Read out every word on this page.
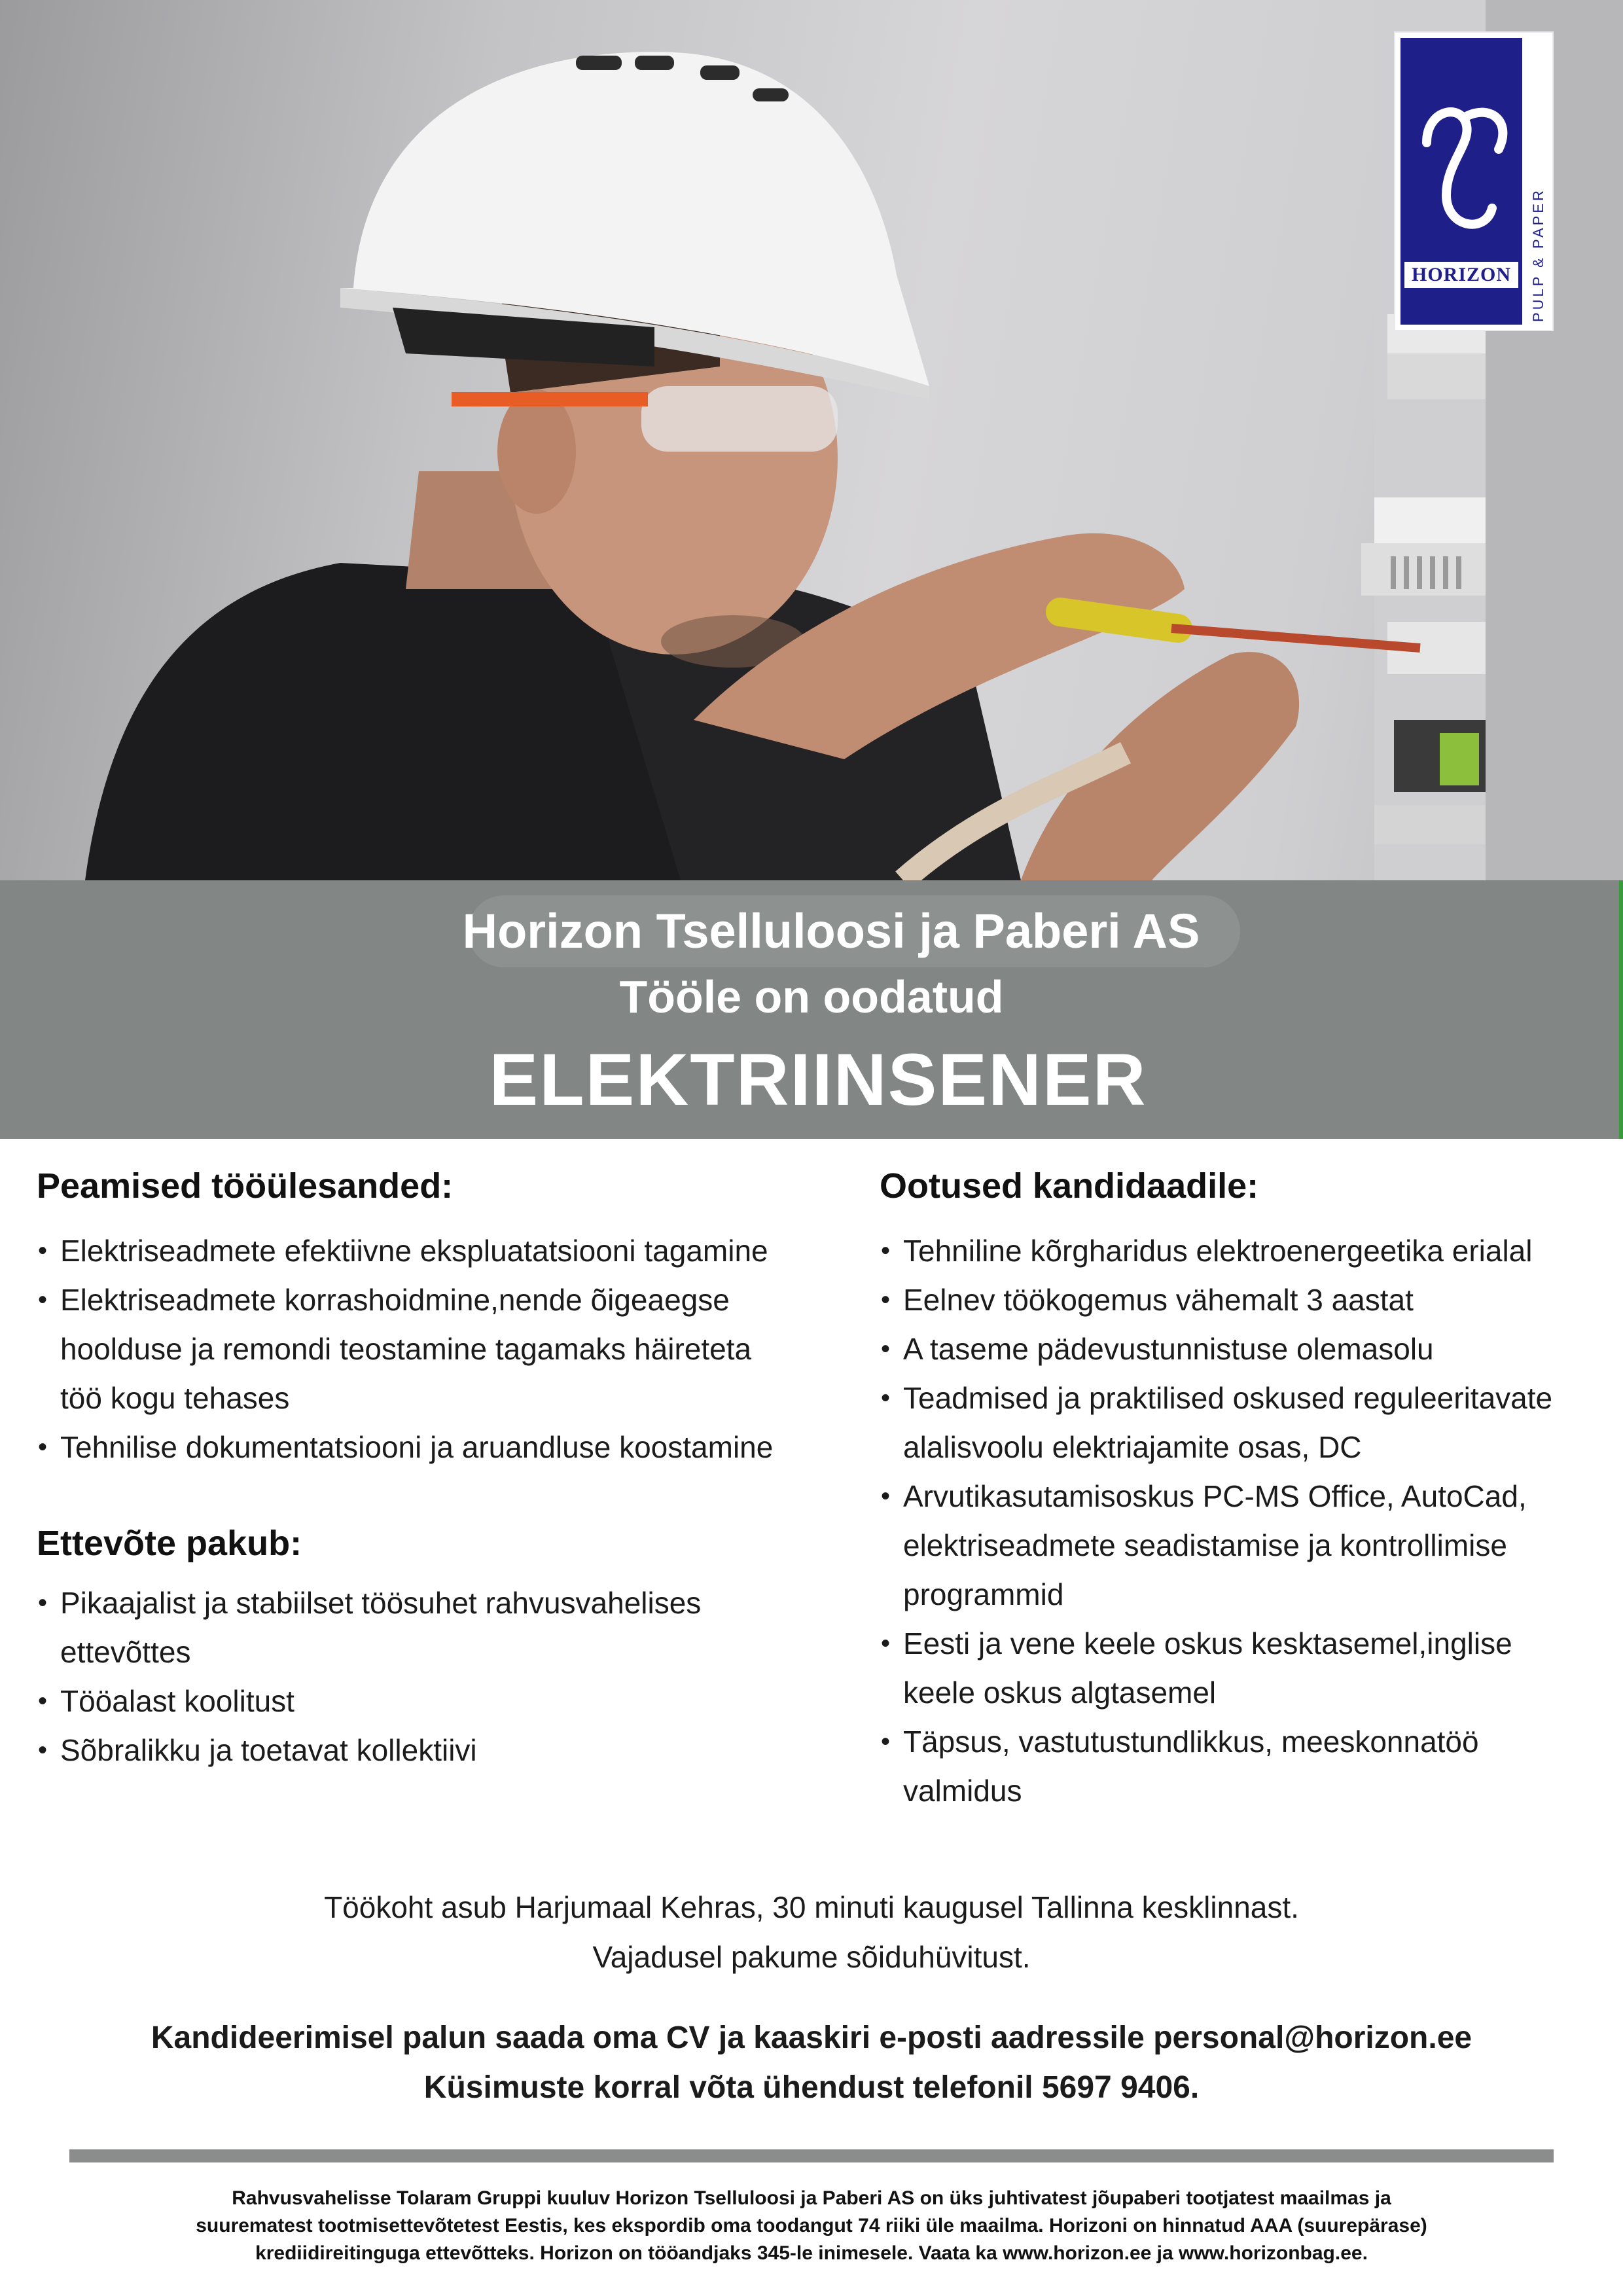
HORIZON	PULP & PAPER
Horizon Tselluloosi ja Paberi AS
Tööle on oodatud
ELEKTRIINSENER
Peamised tööülesanded:
• Elektriseadmete efektiivne ekspluatatsiooni tagamine
• Elektriseadmete korrashoidmine,nende õigeaegse hoolduse ja remondi teostamine tagamaks häireteta töö kogu tehases
• Tehnilise dokumentatsiooni ja aruandluse koostamine
Ettevõte pakub:
• Pikaajalist ja stabiilset töösuhet rahvusvahelises ettevõttes
• Tööalast koolitust
• Sõbralikku ja toetavat kollektiivi
Ootused kandidaadile:
• Tehniline kõrgharidus elektroenergeetika erialal
• Eelnev töökogemus vähemalt 3 aastat
• A taseme pädevustunnistuse olemasolu
• Teadmised ja praktilised oskused reguleeritavate alalisvoolu elektriajamite osas, DC
• Arvutikasutamisoskus PC-MS Office, AutoCad, elektriseadmete seadistamise ja kontrollimise programmid
• Eesti ja vene keele oskus kesktasemel,inglise keele oskus algtasemel
• Täpsus, vastutustundlikkus, meeskonnatöö valmidus
Töökoht asub Harjumaal Kehras, 30 minuti kaugusel Tallinna kesklinnast.
Vajadusel pakume sõiduhüvitust.
Kandideerimisel palun saada oma CV ja kaaskiri e-posti aadressile personal@horizon.ee
Küsimuste korral võta ühendust telefonil 5697 9406.
Rahvusvahelisse Tolaram Gruppi kuuluv Horizon Tselluloosi ja Paberi AS on üks juhtivatest jõupaberi tootjatest maailmas ja
suurematest tootmisettevõtetest Eestis, kes ekspordib oma toodangut 74 riiki üle maailma. Horizoni on hinnatud AAA (suurepärase)
krediidireitinguga ettevõtteks. Horizon on tööandjaks 345-le inimesele. Vaata ka www.horizon.ee ja www.horizonbag.ee.
